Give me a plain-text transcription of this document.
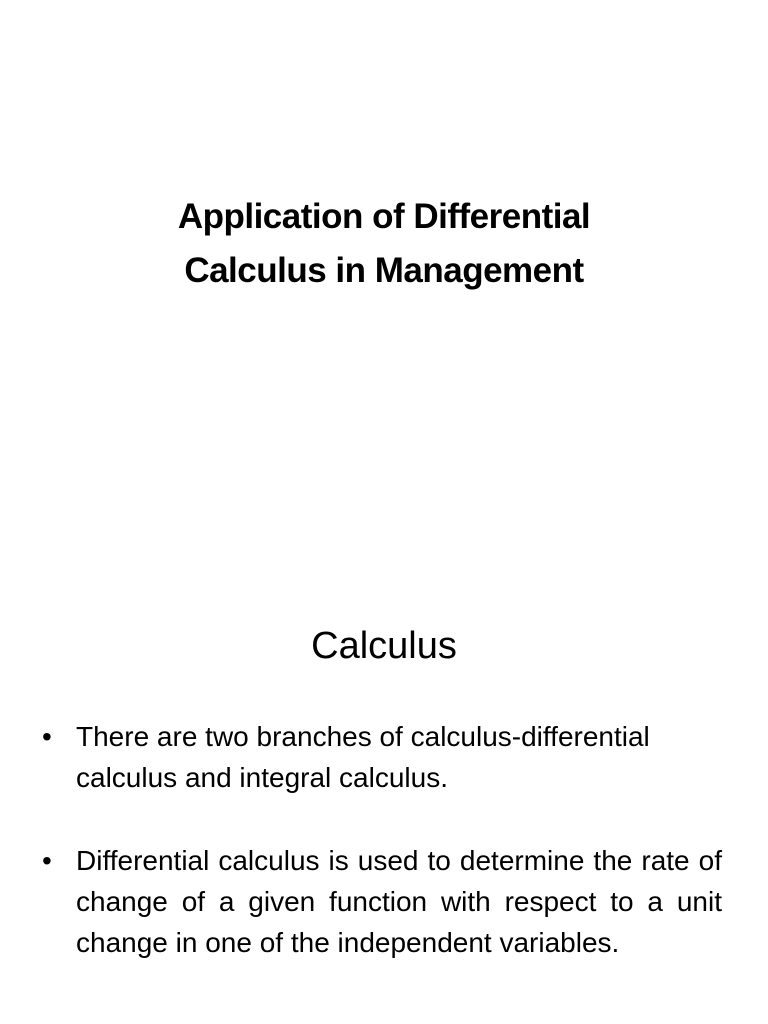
Application of Differential
Calculus in Management
Calculus
• There are two branches of calculus-differential calculus and integral calculus.
• Differential calculus is used to determine the rate of change of a given function with respect to a unit change in one of the independent variables.
